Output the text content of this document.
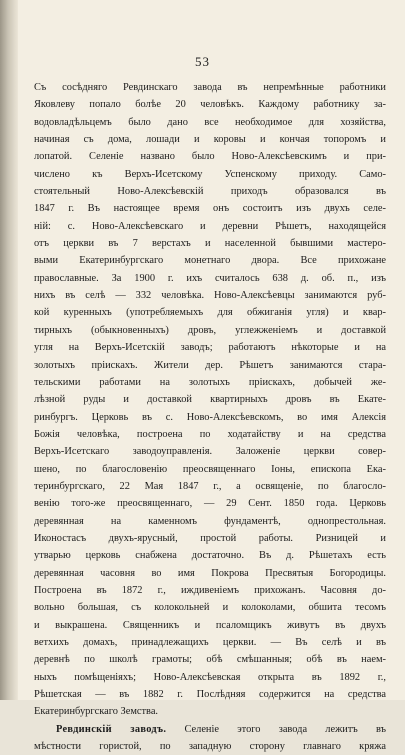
53
Съ сосѣдняго Ревдинскаго завода въ непремѣнные работники
Яковлеву попало болѣе 20 человѣкъ. Каждому работнику за-
водовладѣльцемъ было дано все необходимое для хозяйства,
начиная съ дома, лошади и коровы и кончая топоромъ и
лопатой. Селеніе названо было Ново-Алексѣевскимъ и при-
числено къ Верхъ-Исетскому Успенскому приходу. Само-
стоятельный Ново-Алексѣевскій приходъ образовался въ
1847 г. Въ настоящее время онъ состоитъ изъ двухъ селе-
ній: с. Ново-Алексѣевскаго и деревни Рѣшетъ, находящейся
отъ церкви въ 7 верстахъ и населенной бывшими мастеро-
выми Екатеринбургскаго монетнаго двора. Все прихожане
православные. За 1900 г. ихъ считалось 638 д. об. п., изъ
нихъ въ селѣ — 332 человѣка. Ново-Алексѣевцы занимаются руб-
кой куренныхъ (употребляемыхъ для обжиганія угля) и квар-
тирныхъ (обыкновенныхъ) дровъ, углежженіемъ и доставкой
угля на Верхъ-Исетскій заводъ; работаютъ нѣкоторые и на
золотыхъ пріискахъ. Жители дер. Рѣшетъ занимаются стара-
тельскими работами на золотыхъ пріискахъ, добычей же-
лѣзной руды и доставкой квартирныхъ дровъ въ Екате-
ринбургъ. Церковь въ с. Ново-Алексѣевскомъ, во имя Алексія
Божія человѣка, построена по ходатайству и на средства
Верхъ-Исетскаго заводоуправленія. Заложеніе церкви совер-
шено, по благословенію преосвященнаго Іоны, епископа Ека-
теринбургскаго, 22 Мая 1847 г., а освященіе, по благосло-
венію того-же преосвященнаго, — 29 Сент. 1850 года. Церковь
деревянная на каменномъ фундаментѣ, однопрестольная.
Иконостасъ двухъ-ярусный, простой работы. Ризницей и
утварью церковь снабжена достаточно. Въ д. Рѣшетахъ есть
деревянная часовня во имя Покрова Пресвятыя Богородицы.
Построена въ 1872 г., иждивеніемъ прихожанъ. Часовня до-
вольно большая, съ колокольней и колоколами, обшита тесомъ
и выкрашена. Священникъ и псаломщикъ живутъ въ двухъ
ветхихъ домахъ, принадлежащихъ церкви. — Въ селѣ и въ
деревнѣ по школѣ грамоты; обѣ смѣшанныя; обѣ въ наем-
ныхъ помѣщеніяхъ; Ново-Алексѣевская открыта въ 1892 г.,
Рѣшетская — въ 1882 г. Послѣдняя содержится на средства
Екатеринбургскаго Земства.
Ревдинскій заводъ. Селеніе этого завода лежитъ въ
мѣстности гористой, по западную сторону главнаго кряжа
